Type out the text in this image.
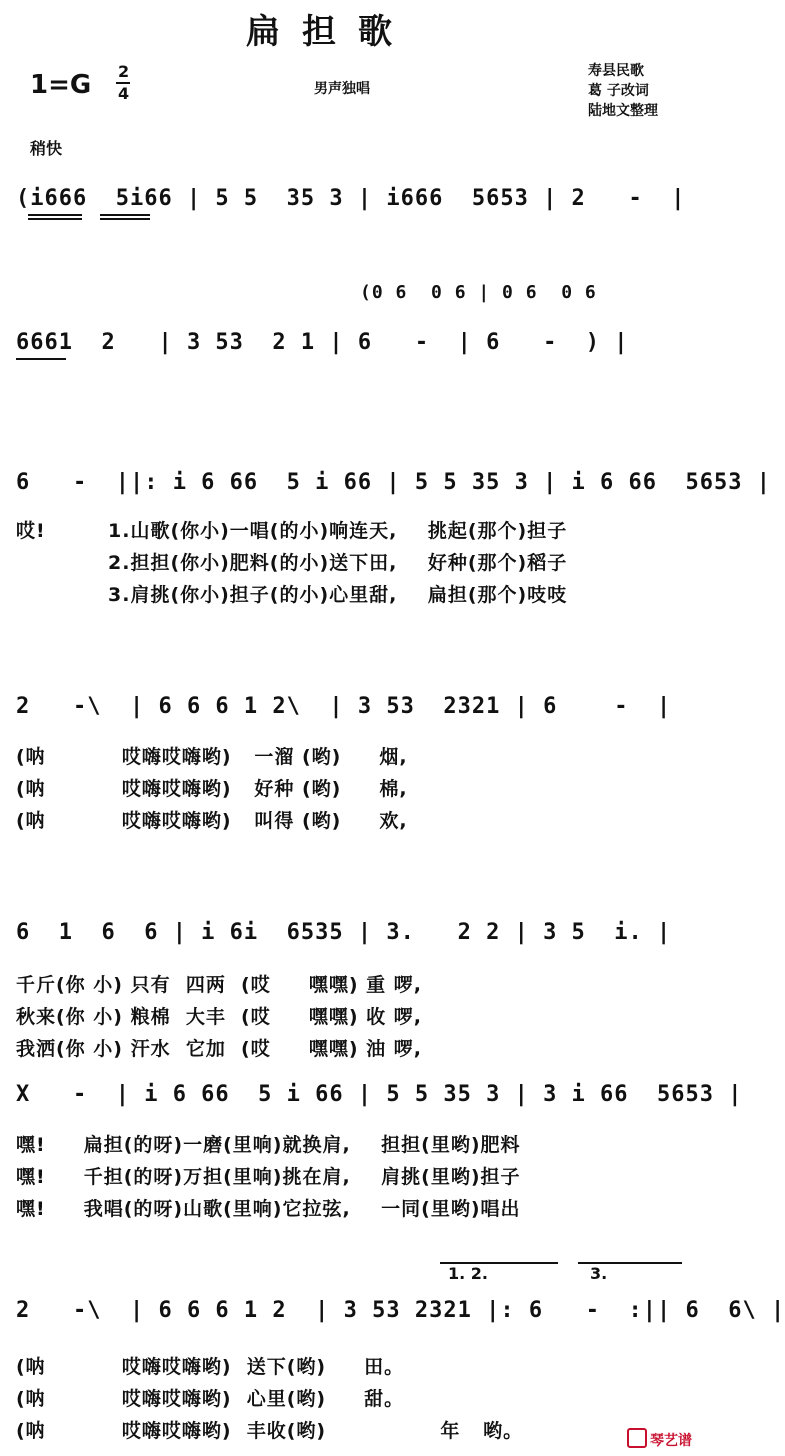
扁担歌
1=G 2
4	男声独唱
寿县民歌
葛 子改词
陆地文整理
稍快
(i666  5i66 | 5 5  35 3 | i666  5653 | 2   -  |
(0 6  0 6 | 0 6  0 6
6661  2   | 3 53  2 1 | 6   -  | 6   -  ) |
6   -  ||: i 6 66  5 i 66 | 5 5 35 3 | i 6 66  5653 |
哎!	1.山歌(你小)一唱(的小)响连天,    挑起(那个)担子
2.担担(你小)肥料(的小)送下田,    好种(那个)稻子
3.肩挑(你小)担子(的小)心里甜,    扁担(那个)吱吱
2   -\  | 6 6 6 1 2\  | 3 53  2321 | 6    -  |
(呐          哎嗨哎嗨哟)   一溜 (哟)     烟,
(呐          哎嗨哎嗨哟)   好种 (哟)     棉,
(呐          哎嗨哎嗨哟)   叫得 (哟)     欢,
6  1  6  6 | i 6i  6535 | 3.   2 2 | 3 5  i. |
千斤(你 小) 只有  四两  (哎     嘿嘿) 重 啰,
秋来(你 小) 粮棉  大丰  (哎     嘿嘿) 收 啰,
我洒(你 小) 汗水  它加  (哎     嘿嘿) 油 啰,
X   -  | i 6 66  5 i 66 | 5 5 35 3 | 3 i 66  5653 |
嘿!     扁担(的呀)一磨(里响)就换肩,    担担(里哟)肥料
嘿!     千担(的呀)万担(里响)挑在肩,    肩挑(里哟)担子
嘿!     我唱(的呀)山歌(里响)它拉弦,    一同(里哟)唱出
1. 2.	3.
2   -\  | 6 6 6 1 2  | 3 53 2321 |: 6   -  :|| 6  6\ |
(呐          哎嗨哎嗨哟)  送下(哟)     田。
(呐          哎嗨哎嗨哟)  心里(哟)     甜。
(呐          哎嗨哎嗨哟)  丰收(哟)               年   哟。	琴艺谱
